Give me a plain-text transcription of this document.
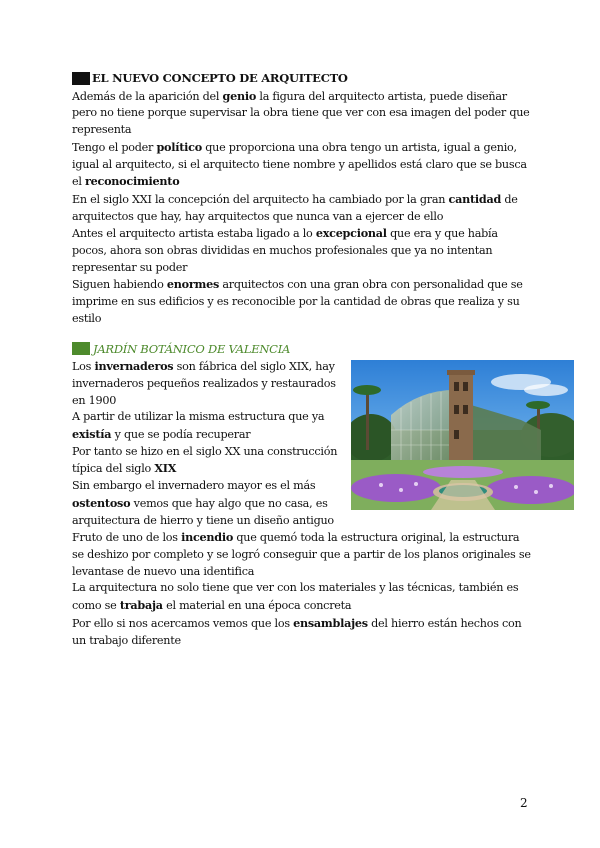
EL NUEVO CONCEPTO DE ARQUITECTO
Además de la aparición del genio la figura del arquitecto artista, puede diseñar pero no tiene porque supervisar la obra tiene que ver con esa imagen del poder que representa
Tengo el poder político que proporciona una obra tengo un artista, igual a genio, igual al arquitecto, si el arquitecto tiene nombre y apellidos está claro que se busca el reconocimiento
En el siglo XXI la concepción del arquitecto ha cambiado por la gran cantidad de arquitectos que hay, hay arquitectos que nunca van a ejercer de ello
Antes el arquitecto artista estaba ligado a lo excepcional que era y que había pocos, ahora son obras divididas en muchos profesionales que ya no intentan representar su poder
Siguen habiendo enormes arquitectos con una gran obra con personalidad que se imprime en sus edificios y es reconocible por la cantidad de obras que realiza y su estilo
JARDÍN BOTÁNICO DE VALENCIA
Los invernaderos son fábrica del siglo XIX, hay invernaderos pequeños realizados y restaurados en 1900
A partir de utilizar la misma estructura que ya existía y que se podía recuperar
Por tanto se hizo en el siglo XX una construcción típica del siglo XIX
Sin embargo el invernadero mayor es el más ostentoso vemos que hay algo que no casa, es arquitectura de hierro y tiene un diseño antiguo
Fruto de uno de los incendio que quemó toda la estructura original, la estructura se deshizo por completo y se logró conseguir que a partir de los planos originales se levantase de nuevo una identifica
La arquitectura no solo tiene que ver con los materiales y las técnicas, también es como se trabaja el material en una época concreta
Por ello si nos acercamos vemos que los ensamblajes del hierro están hechos con un trabajo diferente
2
